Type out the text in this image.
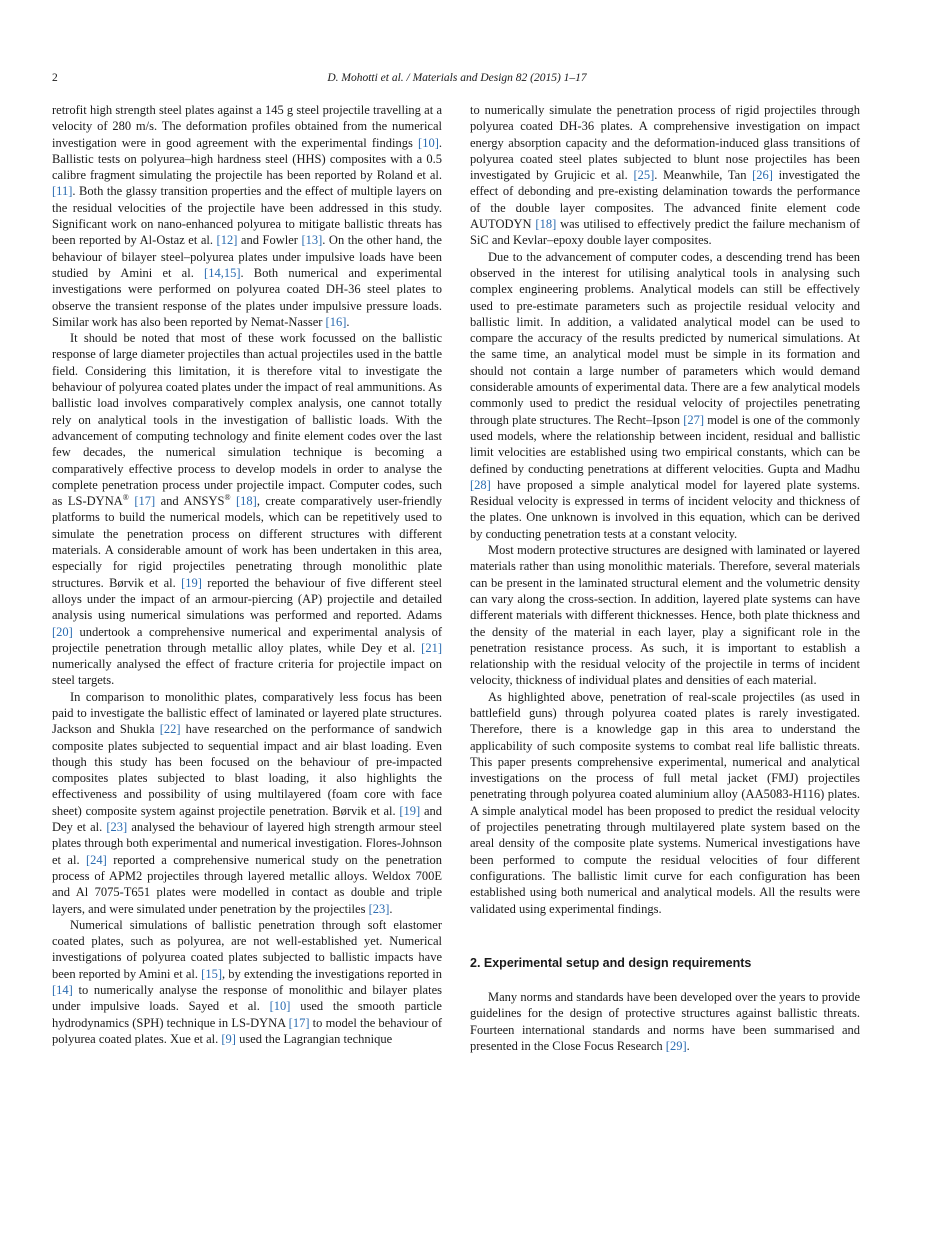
2	D. Mohotti et al. / Materials and Design 82 (2015) 1–17

retrofit high strength steel plates against a 145 g steel projectile travelling at a velocity of 280 m/s. The deformation profiles obtained from the numerical investigation were in good agreement with the experimental findings [10]. Ballistic tests on polyurea–high hardness steel (HHS) composites with a 0.5 calibre fragment simulating the projectile has been reported by Roland et al. [11]. Both the glassy transition properties and the effect of multiple layers on the residual velocities of the projectile have been addressed in this study. Significant work on nano-enhanced polyurea to mitigate ballistic threats has been reported by Al-Ostaz et al. [12] and Fowler [13]. On the other hand, the behaviour of bilayer steel–polyurea plates under impulsive loads have been studied by Amini et al. [14,15]. Both numerical and experimental investigations were performed on polyurea coated DH-36 steel plates to observe the transient response of the plates under impulsive pressure loads. Similar work has also been reported by Nemat-Nasser [16].

It should be noted that most of these work focussed on the ballistic response of large diameter projectiles than actual projectiles used in the battle field. Considering this limitation, it is therefore vital to investigate the behaviour of polyurea coated plates under the impact of real ammunitions. As ballistic load involves comparatively complex analysis, one cannot totally rely on analytical tools in the investigation of ballistic loads. With the advancement of computing technology and finite element codes over the last few decades, the numerical simulation technique is becoming a comparatively effective process to develop models in order to analyse the complete penetration process under projectile impact. Computer codes, such as LS-DYNA® [17] and ANSYS® [18], create comparatively user-friendly platforms to build the numerical models, which can be repetitively used to simulate the penetration process on different structures with different materials. A considerable amount of work has been undertaken in this area, especially for rigid projectiles penetrating through monolithic plate structures. Børvik et al. [19] reported the behaviour of five different steel alloys under the impact of an armour-piercing (AP) projectile and detailed analysis using numerical simulations was performed and reported. Adams [20] undertook a comprehensive numerical and experimental analysis of projectile penetration through metallic alloy plates, while Dey et al. [21] numerically analysed the effect of fracture criteria for projectile impact on steel targets.

In comparison to monolithic plates, comparatively less focus has been paid to investigate the ballistic effect of laminated or layered plate structures. Jackson and Shukla [22] have researched on the performance of sandwich composite plates subjected to sequential impact and air blast loading. Even though this study has been focused on the behaviour of pre-impacted composites plates subjected to blast loading, it also highlights the effectiveness and possibility of using multilayered (foam core with face sheet) composite system against projectile penetration. Børvik et al. [19] and Dey et al. [23] analysed the behaviour of layered high strength armour steel plates through both experimental and numerical investigation. Flores-Johnson et al. [24] reported a comprehensive numerical study on the penetration process of APM2 projectiles through layered metallic alloys. Weldox 700E and Al 7075-T651 plates were modelled in contact as double and triple layers, and were simulated under penetration by the projectiles [23].

Numerical simulations of ballistic penetration through soft elastomer coated plates, such as polyurea, are not well-established yet. Numerical investigations of polyurea coated plates subjected to ballistic impacts have been reported by Amini et al. [15], by extending the investigations reported in [14] to numerically analyse the response of monolithic and bilayer plates under impulsive loads. Sayed et al. [10] used the smooth particle hydrodynamics (SPH) technique in LS-DYNA [17] to model the behaviour of polyurea coated plates. Xue et al. [9] used the Lagrangian technique

to numerically simulate the penetration process of rigid projectiles through polyurea coated DH-36 plates. A comprehensive investigation on impact energy absorption capacity and the deformation-induced glass transitions of polyurea coated steel plates subjected to blunt nose projectiles has been investigated by Grujicic et al. [25]. Meanwhile, Tan [26] investigated the effect of debonding and pre-existing delamination towards the performance of the double layer composites. The advanced finite element code AUTODYN [18] was utilised to effectively predict the failure mechanism of SiC and Kevlar–epoxy double layer composites.

Due to the advancement of computer codes, a descending trend has been observed in the interest for utilising analytical tools in analysing such complex engineering problems. Analytical models can still be effectively used to pre-estimate parameters such as projectile residual velocity and ballistic limit. In addition, a validated analytical model can be used to compare the accuracy of the results predicted by numerical simulations. At the same time, an analytical model must be simple in its formation and should not contain a large number of parameters which would demand considerable amounts of experimental data. There are a few analytical models commonly used to predict the residual velocity of projectiles penetrating through plate structures. The Recht–Ipson [27] model is one of the commonly used models, where the relationship between incident, residual and ballistic limit velocities are established using two empirical constants, which can be defined by conducting penetrations at different velocities. Gupta and Madhu [28] have proposed a simple analytical model for layered plate systems. Residual velocity is expressed in terms of incident velocity and thickness of the plates. One unknown is involved in this equation, which can be derived by conducting penetration tests at a constant velocity.

Most modern protective structures are designed with laminated or layered materials rather than using monolithic materials. Therefore, several materials can be present in the laminated structural element and the volumetric density can vary along the cross-section. In addition, layered plate systems can have different materials with different thicknesses. Hence, both plate thickness and the density of the material in each layer, play a significant role in the penetration resistance process. As such, it is important to establish a relationship with the residual velocity of the projectile in terms of incident velocity, thickness of individual plates and densities of each material.

As highlighted above, penetration of real-scale projectiles (as used in battlefield guns) through polyurea coated plates is rarely investigated. Therefore, there is a knowledge gap in this area to understand the applicability of such composite systems to combat real life ballistic threats. This paper presents comprehensive experimental, numerical and analytical investigations on the process of full metal jacket (FMJ) projectiles penetrating through polyurea coated aluminium alloy (AA5083-H116) plates. A simple analytical model has been proposed to predict the residual velocity of projectiles penetrating through multilayered plate system based on the areal density of the composite plate systems. Numerical investigations have been performed to compute the residual velocities of four different configurations. The ballistic limit curve for each configuration has been established using both numerical and analytical models. All the results were validated using experimental findings.

2. Experimental setup and design requirements

Many norms and standards have been developed over the years to provide guidelines for the design of protective structures against ballistic threats. Fourteen international standards and norms have been summarised and presented in the Close Focus Research [29].
